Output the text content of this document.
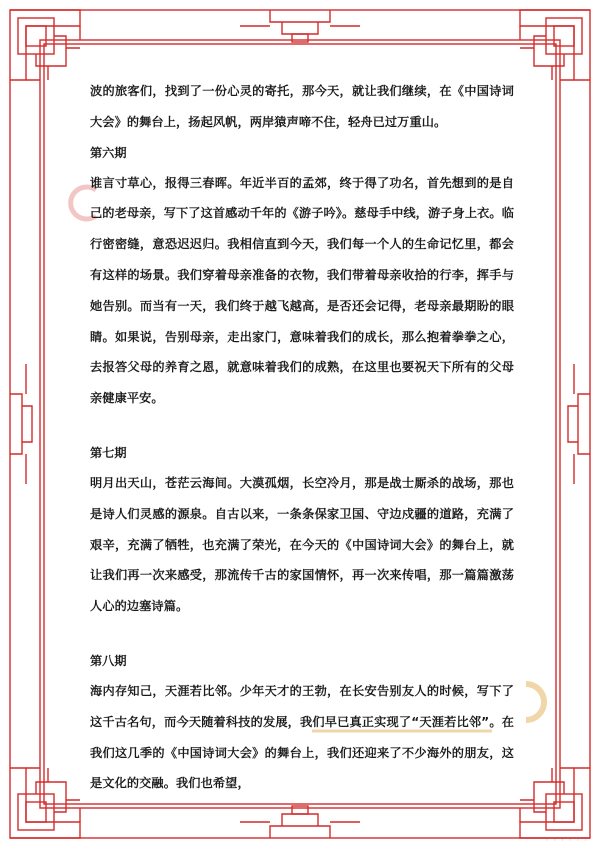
波的旅客们，找到了一份心灵的寄托，那今天，就让我们继续，在《中国诗词大会》的舞台上，扬起风帆，两岸猿声啼不住，轻舟已过万重山。

第六期

谁言寸草心，报得三春晖。年近半百的孟郊，终于得了功名，首先想到的是自己的老母亲，写下了这首感动千年的《游子吟》。慈母手中线，游子身上衣。临行密密缝，意恐迟迟归。我相信直到今天，我们每一个人的生命记忆里，都会有这样的场景。我们穿着母亲准备的衣物，我们带着母亲收拾的行李，挥手与她告别。而当有一天，我们终于越飞越高，是否还会记得，老母亲最期盼的眼睛。如果说，告别母亲，走出家门，意味着我们的成长，那么抱着拳拳之心，去报答父母的养育之恩，就意味着我们的成熟，在这里也要祝天下所有的父母亲健康平安。

第七期

明月出天山，苍茫云海间。大漠孤烟，长空冷月，那是战士厮杀的战场，那也是诗人们灵感的源泉。自古以来，一条条保家卫国、守边戍疆的道路，充满了艰辛，充满了牺牲，也充满了荣光，在今天的《中国诗词大会》的舞台上，就让我们再一次来感受，那流传千古的家国情怀，再一次来传唱，那一篇篇激荡人心的边塞诗篇。

第八期

海内存知己，天涯若比邻。少年天才的王勃，在长安告别友人的时候，写下了这千古名句，而今天随着科技的发展，我们早已真正实现了“天涯若比邻”。在我们这几季的《中国诗词大会》的舞台上，我们还迎来了不少海外的朋友，这是文化的交融。我们也希望，

· · · · · ·
